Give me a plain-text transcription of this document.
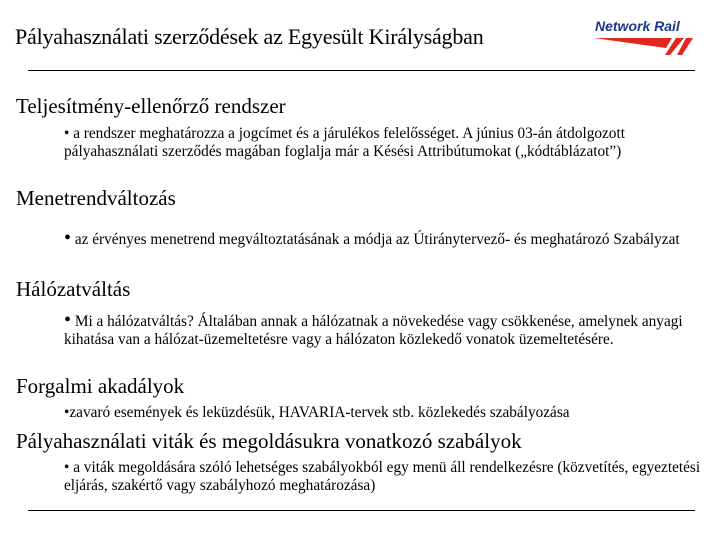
Pályahasználati szerződések az Egyesült Királyságban	Network Rail
Teljesítmény-ellenőrző rendszer
• a rendszer meghatározza a jogcímet és a járulékos felelősséget. A június 03-án átdolgozott pályahasználati szerződés magában foglalja már a Késési Attribútumokat („kódtáblázatot”)
Menetrendváltozás
• az érvényes menetrend megváltoztatásának a módja az Útiránytervező- és meghatározó Szabályzat
Hálózatváltás
• Mi a hálózatváltás? Általában annak a hálózatnak a növekedése vagy csökkenése, amelynek anyagi kihatása van a hálózat-üzemeltetésre vagy a hálózaton közlekedő vonatok üzemeltetésére.
Forgalmi akadályok
•zavaró események és leküzdésük, HAVARIA-tervek stb. közlekedés szabályozása
Pályahasználati viták és megoldásukra vonatkozó szabályok
• a viták megoldására szóló lehetséges szabályokból egy menü áll rendelkezésre (közvetítés, egyeztetési eljárás, szakértő vagy szabályhozó meghatározása)
